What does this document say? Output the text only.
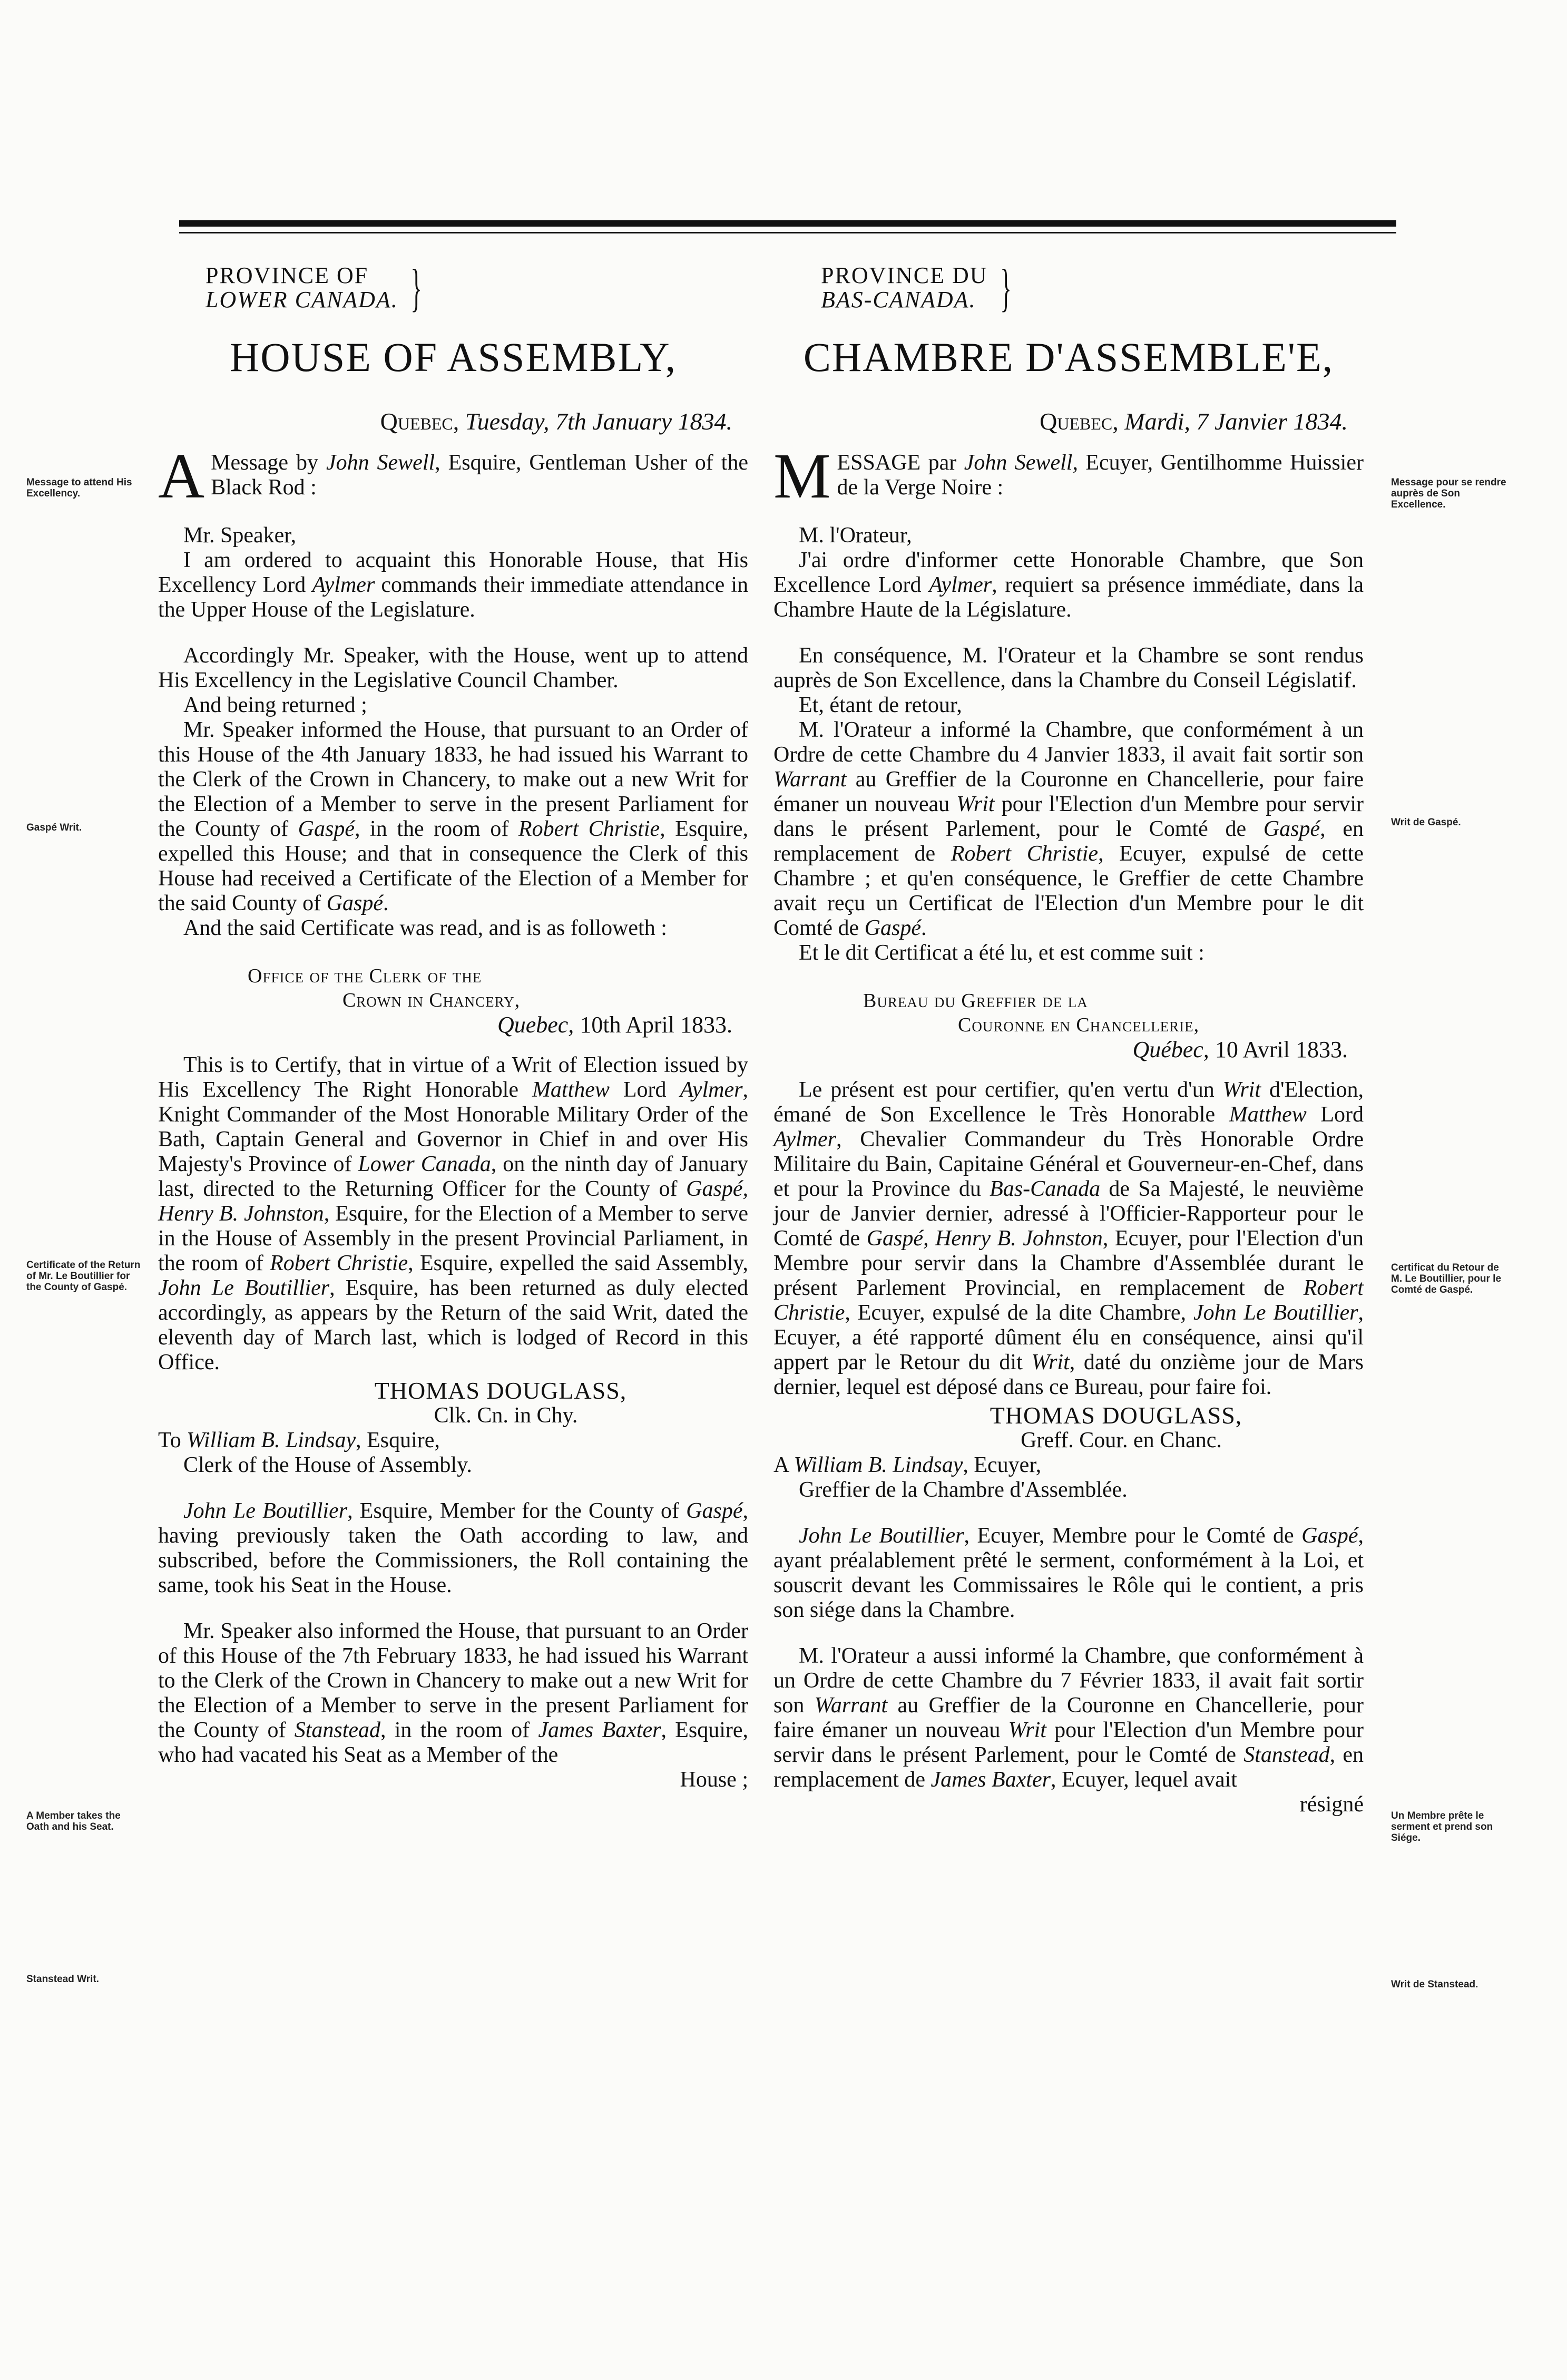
PROVINCE OF
LOWER CANADA. }
HOUSE OF ASSEMBLY,
Quebec, Tuesday, 7th January 1834.
A Message by John Sewell, Esquire, Gentleman Usher of the Black Rod :

Mr. Speaker,

I am ordered to acquaint this Honorable House, that His Excellency Lord Aylmer commands their immediate attendance in the Upper House of the Legislature.

Accordingly Mr. Speaker, with the House, went up to attend His Excellency in the Legislative Council Chamber.

And being returned ;

Mr. Speaker informed the House, that pursuant to an Order of this House of the 4th January 1833, he had issued his Warrant to the Clerk of the Crown in Chancery, to make out a new Writ for the Election of a Member to serve in the present Parliament for the County of Gaspé, in the room of Robert Christie, Esquire, expelled this House; and that in consequence the Clerk of this House had received a Certificate of the Election of a Member for the said County of Gaspé.

And the said Certificate was read, and is as followeth :

Office of the Clerk of the
Crown in Chancery,
Quebec, 10th April 1833.

This is to Certify, that in virtue of a Writ of Election issued by His Excellency The Right Honorable Matthew Lord Aylmer, Knight Commander of the Most Honorable Military Order of the Bath, Captain General and Governor in Chief in and over His Majesty's Province of Lower Canada, on the ninth day of January last, directed to the Returning Officer for the County of Gaspé, Henry B. Johnston, Esquire, for the Election of a Member to serve in the House of Assembly in the present Provincial Parliament, in the room of Robert Christie, Esquire, expelled the said Assembly, John Le Boutillier, Esquire, has been returned as duly elected accordingly, as appears by the Return of the said Writ, dated the eleventh day of March last, which is lodged of Record in this Office.

THOMAS DOUGLASS,
Clk. Cn. in Chy.

To William B. Lindsay, Esquire,

Clerk of the House of Assembly.

John Le Boutillier, Esquire, Member for the County of Gaspé, having previously taken the Oath according to law, and subscribed, before the Commissioners, the Roll containing the same, took his Seat in the House.

Mr. Speaker also informed the House, that pursuant to an Order of this House of the 7th February 1833, he had issued his Warrant to the Clerk of the Crown in Chancery to make out a new Writ for the Election of a Member to serve in the present Parliament for the County of Stanstead, in the room of James Baxter, Esquire, who had vacated his Seat as a Member of the

House ;

PROVINCE DU
BAS-CANADA. }
CHAMBRE D'ASSEMBLE'E,
Quebec, Mardi, 7 Janvier 1834.
M ESSAGE par John Sewell, Ecuyer, Gentilhomme Huissier de la Verge Noire :

M. l'Orateur,

J'ai ordre d'informer cette Honorable Chambre, que Son Excellence Lord Aylmer, requiert sa présence immédiate, dans la Chambre Haute de la Législature.

En conséquence, M. l'Orateur et la Chambre se sont rendus auprès de Son Excellence, dans la Chambre du Conseil Législatif.

Et, étant de retour,

M. l'Orateur a informé la Chambre, que conformément à un Ordre de cette Chambre du 4 Janvier 1833, il avait fait sortir son Warrant au Greffier de la Couronne en Chancellerie, pour faire émaner un nouveau Writ pour l'Election d'un Membre pour servir dans le présent Parlement, pour le Comté de Gaspé, en remplacement de Robert Christie, Ecuyer, expulsé de cette Chambre ; et qu'en conséquence, le Greffier de cette Chambre avait reçu un Certificat de l'Election d'un Membre pour le dit Comté de Gaspé.

Et le dit Certificat a été lu, et est comme suit :

Bureau du Greffier de la
Couronne en Chancellerie,
Québec, 10 Avril 1833.

Le présent est pour certifier, qu'en vertu d'un Writ d'Election, émané de Son Excellence le Très Honorable Matthew Lord Aylmer, Chevalier Commandeur du Très Honorable Ordre Militaire du Bain, Capitaine Général et Gouverneur-en-Chef, dans et pour la Province du Bas-Canada de Sa Majesté, le neuvième jour de Janvier dernier, adressé à l'Officier-Rapporteur pour le Comté de Gaspé, Henry B. Johnston, Ecuyer, pour l'Election d'un Membre pour servir dans la Chambre d'Assemblée durant le présent Parlement Provincial, en remplacement de Robert Christie, Ecuyer, expulsé de la dite Chambre, John Le Boutillier, Ecuyer, a été rapporté dûment élu en conséquence, ainsi qu'il appert par le Retour du dit Writ, daté du onzième jour de Mars dernier, lequel est déposé dans ce Bureau, pour faire foi.

THOMAS DOUGLASS,
Greff. Cour. en Chanc.

A William B. Lindsay, Ecuyer,

Greffier de la Chambre d'Assemblée.

John Le Boutillier, Ecuyer, Membre pour le Comté de Gaspé, ayant préalablement prêté le serment, conformément à la Loi, et souscrit devant les Commissaires le Rôle qui le contient, a pris son siége dans la Chambre.

M. l'Orateur a aussi informé la Chambre, que conformément à un Ordre de cette Chambre du 7 Février 1833, il avait fait sortir son Warrant au Greffier de la Couronne en Chancellerie, pour faire émaner un nouveau Writ pour l'Election d'un Membre pour servir dans le présent Parlement, pour le Comté de Stanstead, en remplacement de James Baxter, Ecuyer, lequel avait

résigné

Message to attend His Excellency.
Gaspé Writ.
Certificate of the Return of Mr. Le Boutillier for the County of Gaspé.
A Member takes the Oath and his Seat.
Stanstead Writ.
Message pour se rendre auprès de Son Excellence.
Writ de Gaspé.
Certificat du Retour de M. Le Boutillier, pour le Comté de Gaspé.
Un Membre prête le serment et prend son Siége.
Writ de Stanstead.
